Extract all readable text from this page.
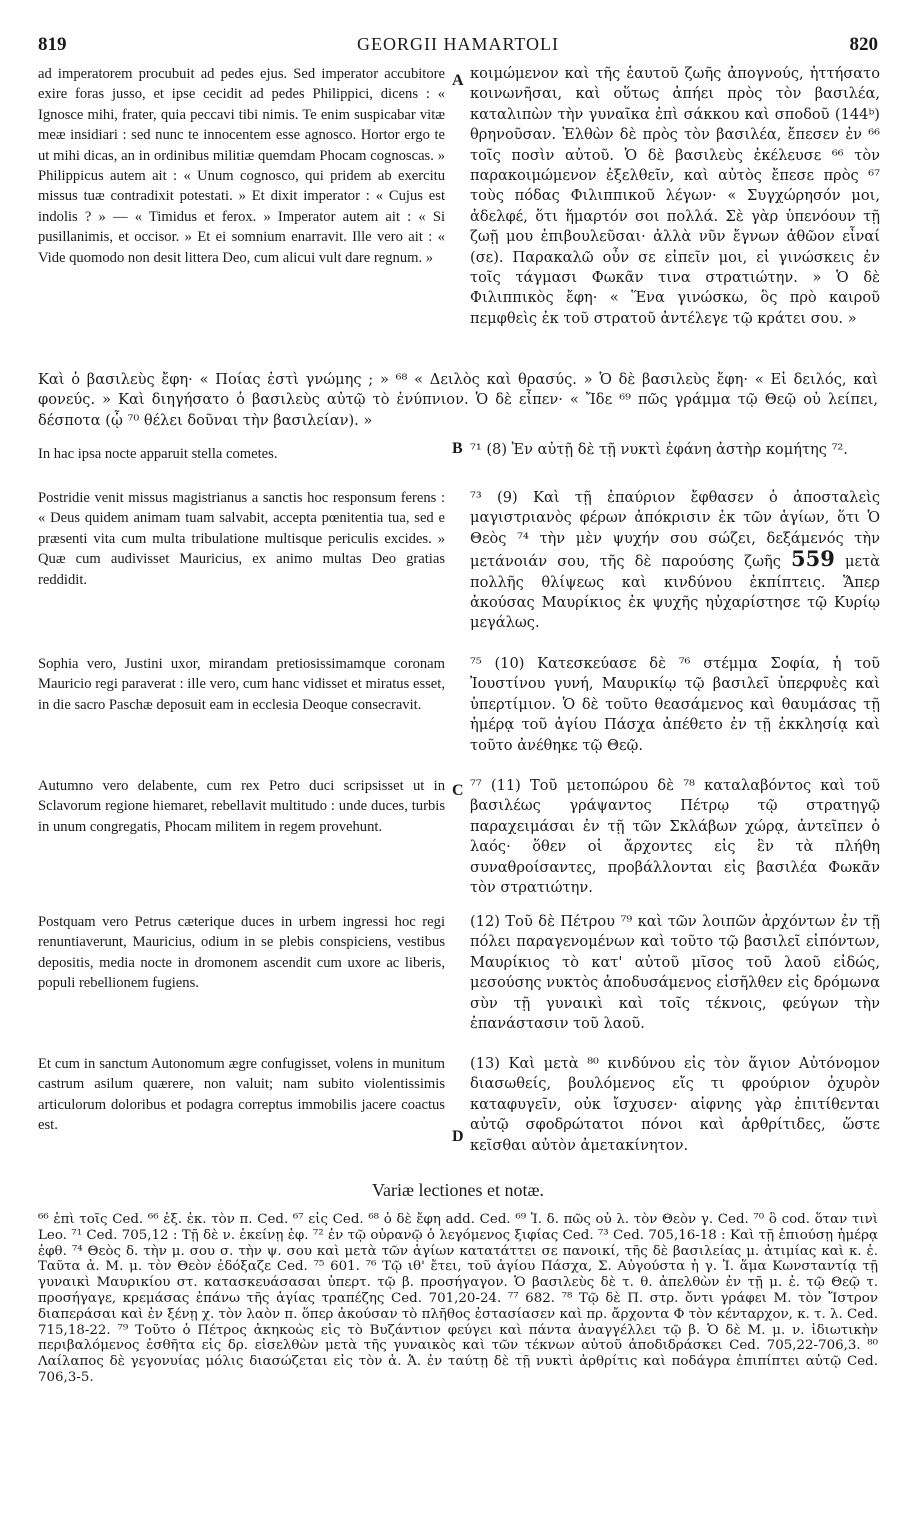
819	GEORGII HAMARTOLI	820

ad imperatorem procubuit ad pedes ejus. Sed imperator accubitore exire foras jusso, et ipse cecidit ad pedes Philippici, dicens : « Ignosce mihi, frater, quia peccavi tibi nimis. Te enim suspicabar vitæ meæ insidiari : sed nunc te innocentem esse agnosco. Hortor ergo te ut mihi dicas, an in ordinibus militiæ quemdam Phocam cognoscas. » Philippicus autem ait : « Unum cognosco, qui pridem ab exercitu missus tuæ contradixit potestati. » Et dixit imperator : « Cujus est indolis ? » — « Timidus et ferox. » Imperator autem ait : « Si pusillanimis, et occisor. » Et ei somnium enarravit. Ille vero ait : « Vide quomodo non desit littera Deo, cum alicui vult dare regnum. »

In hac ipsa nocte apparuit stella cometes.

Postridie venit missus magistrianus a sanctis hoc responsum ferens : « Deus quidem animam tuam salvabit, accepta pœnitentia tua, sed e præsenti vita cum multa tribulatione multisque periculis excides. » Quæ cum audivisset Mauricius, ex animo multas Deo gratias reddidit.

Sophia vero, Justini uxor, mirandam pretiosissimamque coronam Mauricio regi paraverat : ille vero, cum hanc vidisset et miratus esset, in die sacro Paschæ deposuit eam in ecclesia Deoque consecravit.

Autumno vero delabente, cum rex Petro duci scripsisset ut in Sclavorum regione hiemaret, rebellavit multitudo : unde duces, turbis in unum congregatis, Phocam militem in regem provehunt.

Postquam vero Petrus cæterique duces in urbem ingressi hoc regi renuntiaverunt, Mauricius, odium in se plebis conspiciens, vestibus depositis, media nocte in dromonem ascendit cum uxore ac liberis, populi rebellionem fugiens.

Et cum in sanctum Autonomum ægre confugisset, volens in munitum castrum asilum quærere, non valuit; nam subito violentissimis articulorum doloribus et podagra correptus immobilis jacere coactus est.

A
B
C
D

κοιμώμενον καὶ τῆς ἑαυτοῦ ζωῆς ἀπογνούς, ἡττήσατο κοινωνῆσαι, καὶ οὕτως ἀπήει πρὸς τὸν βασιλέα, καταλιπὼν τὴν γυναῖκα ἐπὶ σάκκου καὶ σποδοῦ (144ᵇ) θρηνοῦσαν. Ἐλθὼν δὲ πρὸς τὸν βασιλέα, ἔπεσεν ἐν ⁶⁶ τοῖς ποσὶν αὐτοῦ. Ὁ δὲ βασιλεὺς ἐκέλευσε ⁶⁶ τὸν παρακοιμώμενον ἐξελθεῖν, καὶ αὐτὸς ἔπεσε πρὸς ⁶⁷ τοὺς πόδας Φιλιππικοῦ λέγων· « Συγχώρησόν μοι, ἀδελφέ, ὅτι ἥμαρτόν σοι πολλά. Σὲ γὰρ ὑπενόουν τῇ ζωῇ μου ἐπιβουλεῦσαι· ἀλλὰ νῦν ἔγνων ἀθῶον εἶναί (σε). Παρακαλῶ οὖν σε εἰπεῖν μοι, εἰ γινώσκεις ἐν τοῖς τάγμασι Φωκᾶν τινα στρατιώτην. » Ὁ δὲ Φιλιππικὸς ἔφη· « Ἕνα γινώσκω, ὃς πρὸ καιροῦ πεμφθεὶς ἐκ τοῦ στρατοῦ ἀντέλεγε τῷ κράτει σου. »

Καὶ ὁ βασιλεὺς ἔφη· « Ποίας ἐστὶ γνώμης ; » ⁶⁸ « Δειλὸς καὶ θρασύς. » Ὁ δὲ βασιλεὺς ἔφη· « Εἰ δειλός, καὶ φονεύς. » Καὶ διηγήσατο ὁ βασιλεὺς αὐτῷ τὸ ἐνύπνιον. Ὁ δὲ εἶπεν· « Ἴδε ⁶⁹ πῶς γράμμα τῷ Θεῷ οὐ λείπει, δέσποτα (ᾧ ⁷⁰ θέλει δοῦναι τὴν βασιλείαν). »

⁷¹ (8) Ἐν αὐτῇ δὲ τῇ νυκτὶ ἐφάνη ἀστὴρ κομήτης ⁷².

⁷³ (9) Καὶ τῇ ἐπαύριον ἔφθασεν ὁ ἀποσταλεὶς μαγιστριανὸς φέρων ἀπόκρισιν ἐκ τῶν ἁγίων, ὅτι Ὁ Θεὸς ⁷⁴ τὴν μὲν ψυχήν σου σώζει, δεξάμενός τὴν μετάνοιάν σου, τῆς δὲ παρούσης ζωῆς 559 μετὰ πολλῆς θλίψεως καὶ κινδύνου ἐκπίπτεις. Ἅπερ ἀκούσας Μαυρίκιος ἐκ ψυχῆς ηὐχαρίστησε τῷ Κυρίῳ μεγάλως.

⁷⁵ (10) Κατεσκεύασε δὲ ⁷⁶ στέμμα Σοφία, ἡ τοῦ Ἰουστίνου γυνή, Μαυρικίῳ τῷ βασιλεῖ ὑπερφυὲς καὶ ὑπερτίμιον. Ὁ δὲ τοῦτο θεασάμενος καὶ θαυμάσας τῇ ἡμέρᾳ τοῦ ἁγίου Πάσχα ἀπέθετο ἐν τῇ ἐκκλησίᾳ καὶ τοῦτο ἀνέθηκε τῷ Θεῷ.

⁷⁷ (11) Τοῦ μετοπώρου δὲ ⁷⁸ καταλαβόντος καὶ τοῦ βασιλέως γράψαντος Πέτρῳ τῷ στρατηγῷ παραχειμάσαι ἐν τῇ τῶν Σκλάβων χώρᾳ, ἀντεῖπεν ὁ λαός· ὅθεν οἱ ἄρχοντες εἰς ἓν τὰ πλήθη συναθροίσαντες, προβάλλονται εἰς βασιλέα Φωκᾶν τὸν στρατιώτην.

(12) Τοῦ δὲ Πέτρου ⁷⁹ καὶ τῶν λοιπῶν ἀρχόντων ἐν τῇ πόλει παραγενομένων καὶ τοῦτο τῷ βασιλεῖ εἰπόντων, Μαυρίκιος τὸ κατ' αὐτοῦ μῖσος τοῦ λαοῦ εἰδώς, μεσούσης νυκτὸς ἀποδυσάμενος εἰσῆλθεν εἰς δρόμωνα σὺν τῇ γυναικὶ καὶ τοῖς τέκνοις, φεύγων τὴν ἐπανάστασιν τοῦ λαοῦ.

(13) Καὶ μετὰ ⁸⁰ κινδύνου εἰς τὸν ἅγιον Αὐτόνομον διασωθείς, βουλόμενος εἴς τι φρούριον ὀχυρὸν καταφυγεῖν, οὐκ ἴσχυσεν· αἰφνης γὰρ ἐπιτίθενται αὐτῷ σφοδρώτατοι πόνοι καὶ ἀρθρίτιδες, ὥστε κεῖσθαι αὐτὸν ἀμετακίνητον.

Variæ lectiones et notæ.

⁶⁶ ἐπὶ τοῖς Ced. ⁶⁶ ἐξ. ἐκ. τὸν π. Ced. ⁶⁷ εἰς Ced. ⁶⁸ ὁ δὲ ἔφη add. Ced. ⁶⁹ Ἰ. δ. πῶς οὐ λ. τὸν Θεὸν γ. Ced. ⁷⁰ ὃ cod. ὅταν τινὶ Leo. ⁷¹ Ced. 705,12 : Τῇ δὲ ν. ἐκείνῃ ἐφ. ⁷² ἐν τῷ οὐρανῷ ὁ λεγόμενος ξιφίας Ced. ⁷³ Ced. 705,16-18 : Καὶ τῇ ἐπιούσῃ ἡμέρᾳ ἐφθ. ⁷⁴ Θεὸς δ. τὴν μ. σου σ. τὴν ψ. σου καὶ μετὰ τῶν ἁγίων κατατάττει σε πανοικί, τῆς δὲ βασιλείας μ. ἀτιμίας καὶ κ. ἐ. Ταῦτα ἀ. Μ. μ. τὸν Θεὸν ἐδόξαζε Ced. ⁷⁵ 601. ⁷⁶ Τῷ ιθ' ἔτει, τοῦ ἁγίου Πάσχα, Σ. Αὐγούστα ἡ γ. Ἰ. ἅμα Κωνσταντίᾳ τῇ γυναικὶ Μαυρικίου στ. κατασκευάσασαι ὑπερτ. τῷ β. προσήγαγον. Ὁ βασιλεὺς δὲ τ. θ. ἀπελθὼν ἐν τῇ μ. ἐ. τῷ Θεῷ τ. προσήγαγε, κρεμάσας ἐπάνω τῆς ἁγίας τραπέζης Ced. 701,20-24. ⁷⁷ 682. ⁷⁸ Τῷ δὲ Π. στρ. ὄντι γράφει Μ. τὸν Ἴστρον διαπεράσαι καὶ ἐν ξένῃ χ. τὸν λαὸν π. ὅπερ ἀκούσαν τὸ πλῆθος ἐστασίασεν καὶ πρ. ἄρχοντα Φ τὸν κένταρχον, κ. τ. λ. Ced. 715,18-22. ⁷⁹ Τοῦτο ὁ Πέτρος ἀκηκοὼς εἰς τὸ Βυζάντιον φεύγει καὶ πάντα ἀναγγέλλει τῷ β. Ὁ δὲ Μ. μ. ν. ἰδιωτικὴν περιβαλόμενος ἐσθῆτα εἰς δρ. εἰσελθὼν μετὰ τῆς γυναικὸς καὶ τῶν τέκνων αὐτοῦ ἀποδιδράσκει Ced. 705,22-706,3. ⁸⁰ Λαίλαπος δὲ γεγονυίας μόλις διασώζεται εἰς τὸν ἁ. Ἀ. ἐν ταύτῃ δὲ τῇ νυκτὶ ἀρθρίτις καὶ ποδάγρα ἐπιπίπτει αὐτῷ Ced. 706,3-5.
